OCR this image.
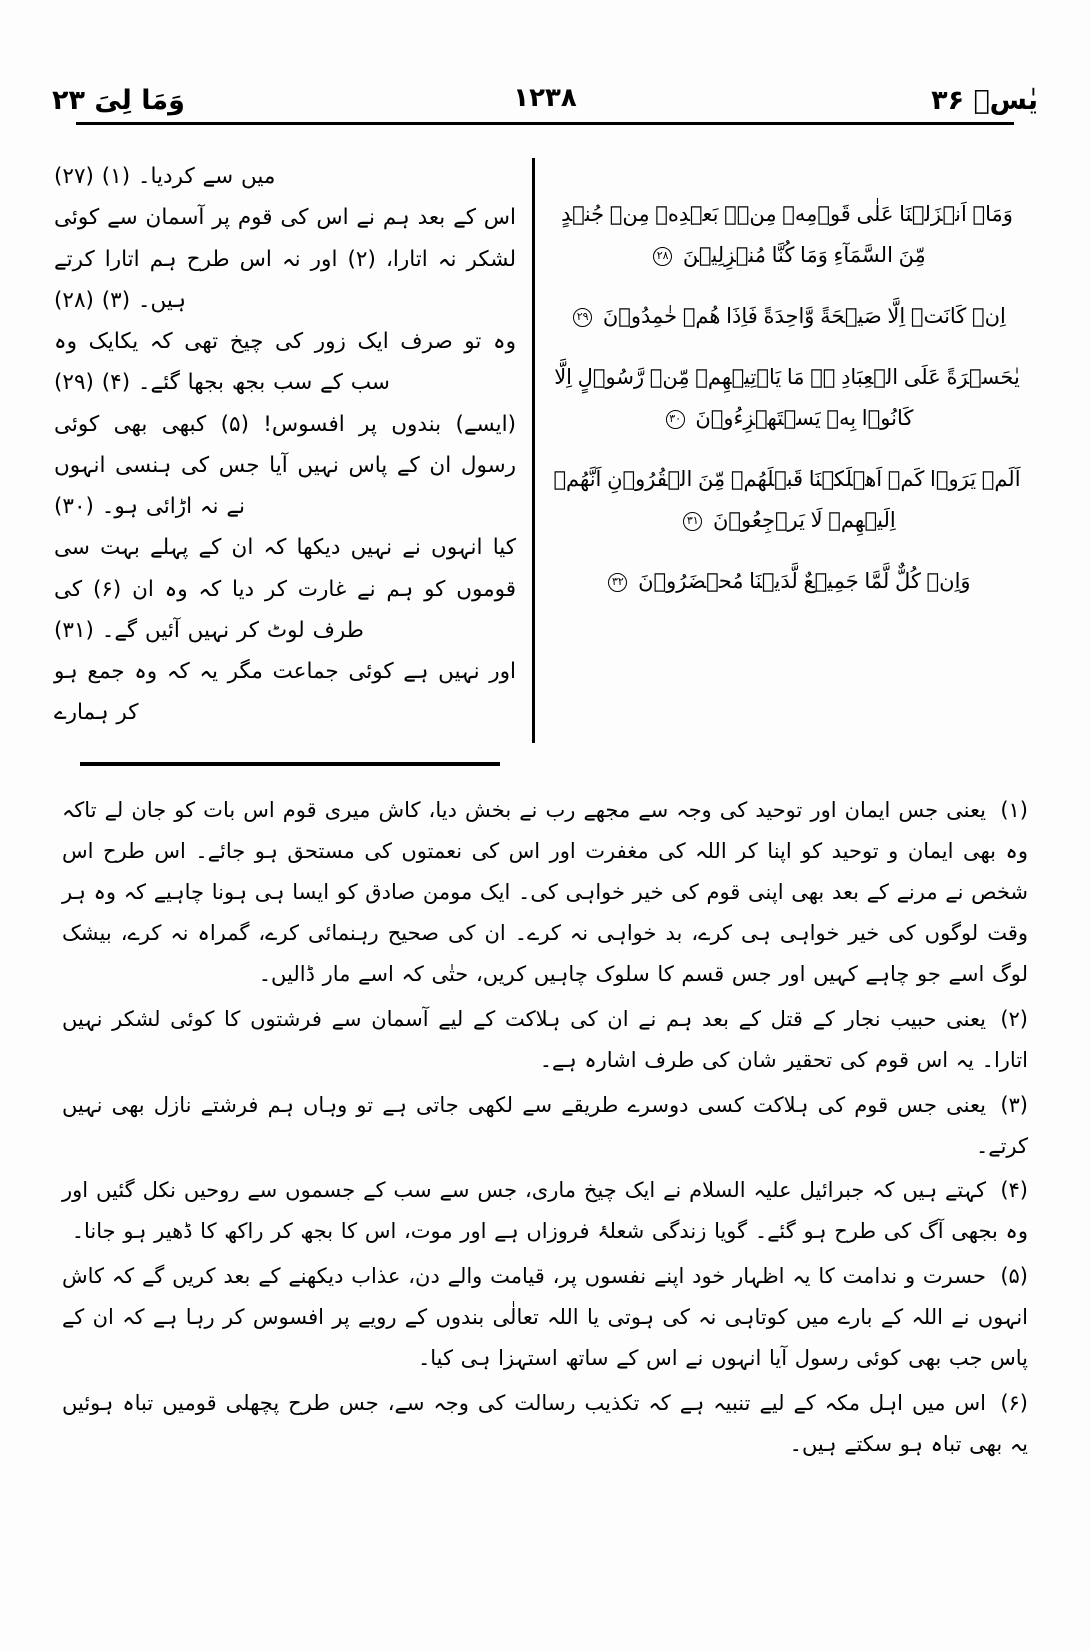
وَمَا لِیَ ۲۳	۱۲۳۸	یٰسۤ ۳۶
وَمَاۤ اَنۡزَلۡنَا عَلٰى قَوۡمِهٖ مِنۡۢ بَعۡدِهٖ مِنۡ جُنۡدٍ مِّنَ السَّمَآءِ وَمَا كُنَّا مُنۡزِلِيۡنَ ۲۸
اِنۡ كَانَتۡ اِلَّا صَيۡحَةً وَّاحِدَةً فَاِذَا هُمۡ خٰمِدُوۡنَ ۲۹
يٰحَسۡرَةً عَلَى الۡعِبَادِ ؔۚ مَا يَاۡتِيۡهِمۡ مِّنۡ رَّسُوۡلٍ اِلَّا كَانُوۡا بِهٖ يَسۡتَهۡزِءُوۡنَ ۳۰
اَلَمۡ يَرَوۡا كَمۡ اَهۡلَكۡنَا قَبۡلَهُمۡ مِّنَ الۡقُرُوۡنِ اَنَّهُمۡ اِلَيۡهِمۡ لَا يَرۡجِعُوۡنَ ۳۱
وَاِنۡ كُلٌّ لَّمَّا جَمِيۡعٌ لَّدَيۡنَا مُحۡضَرُوۡنَ ۳۲
میں سے کردیا۔ (۱) (۲۷)
اس کے بعد ہم نے اس کی قوم پر آسمان سے کوئی لشکر نہ اتارا، (۲) اور نہ اس طرح ہم اتارا کرتے ہیں۔ (۳) (۲۸)
وہ تو صرف ایک زور کی چیخ تھی کہ یکایک وہ سب کے سب بجھ بجھا گئے۔ (۴) (۲۹)
(ایسے) بندوں پر افسوس! (۵) کبھی بھی کوئی رسول ان کے پاس نہیں آیا جس کی ہنسی انہوں نے نہ اڑائی ہو۔ (۳۰)
کیا انہوں نے نہیں دیکھا کہ ان کے پہلے بہت سی قوموں کو ہم نے غارت کر دیا کہ وہ ان (۶) کی طرف لوٹ کر نہیں آئیں گے۔ (۳۱)
اور نہیں ہے کوئی جماعت مگر یہ کہ وہ جمع ہو کر ہمارے
(۱)یعنی جس ایمان اور توحید کی وجہ سے مجھے رب نے بخش دیا، کاش میری قوم اس بات کو جان لے تاکہ وہ بھی ایمان و توحید کو اپنا کر اللہ کی مغفرت اور اس کی نعمتوں کی مستحق ہو جائے۔ اس طرح اس شخص نے مرنے کے بعد بھی اپنی قوم کی خیر خواہی کی۔ ایک مومن صادق کو ایسا ہی ہونا چاہیے کہ وہ ہر وقت لوگوں کی خیر خواہی ہی کرے، بد خواہی نہ کرے۔ ان کی صحیح رہنمائی کرے، گمراہ نہ کرے، بیشک لوگ اسے جو چاہے کہیں اور جس قسم کا سلوک چاہیں کریں، حتٰی کہ اسے مار ڈالیں۔
(۲)یعنی حبیب نجار کے قتل کے بعد ہم نے ان کی ہلاکت کے لیے آسمان سے فرشتوں کا کوئی لشکر نہیں اتارا۔ یہ اس قوم کی تحقیر شان کی طرف اشارہ ہے۔
(۳)یعنی جس قوم کی ہلاکت کسی دوسرے طریقے سے لکھی جاتی ہے تو وہاں ہم فرشتے نازل بھی نہیں کرتے۔
(۴)کہتے ہیں کہ جبرائیل علیہ السلام نے ایک چیخ ماری، جس سے سب کے جسموں سے روحیں نکل گئیں اور وہ بجھی آگ کی طرح ہو گئے۔ گویا زندگی شعلۂ فروزاں ہے اور موت، اس کا بجھ کر راکھ کا ڈھیر ہو جانا۔
(۵)حسرت و ندامت کا یہ اظہار خود اپنے نفسوں پر، قیامت والے دن، عذاب دیکھنے کے بعد کریں گے کہ کاش انہوں نے اللہ کے بارے میں کوتاہی نہ کی ہوتی یا اللہ تعالٰی بندوں کے رویے پر افسوس کر رہا ہے کہ ان کے پاس جب بھی کوئی رسول آیا انہوں نے اس کے ساتھ استہزا ہی کیا۔
(۶)اس میں اہل مکہ کے لیے تنبیہ ہے کہ تکذیب رسالت کی وجہ سے، جس طرح پچھلی قومیں تباہ ہوئیں یہ بھی تباہ ہو سکتے ہیں۔
